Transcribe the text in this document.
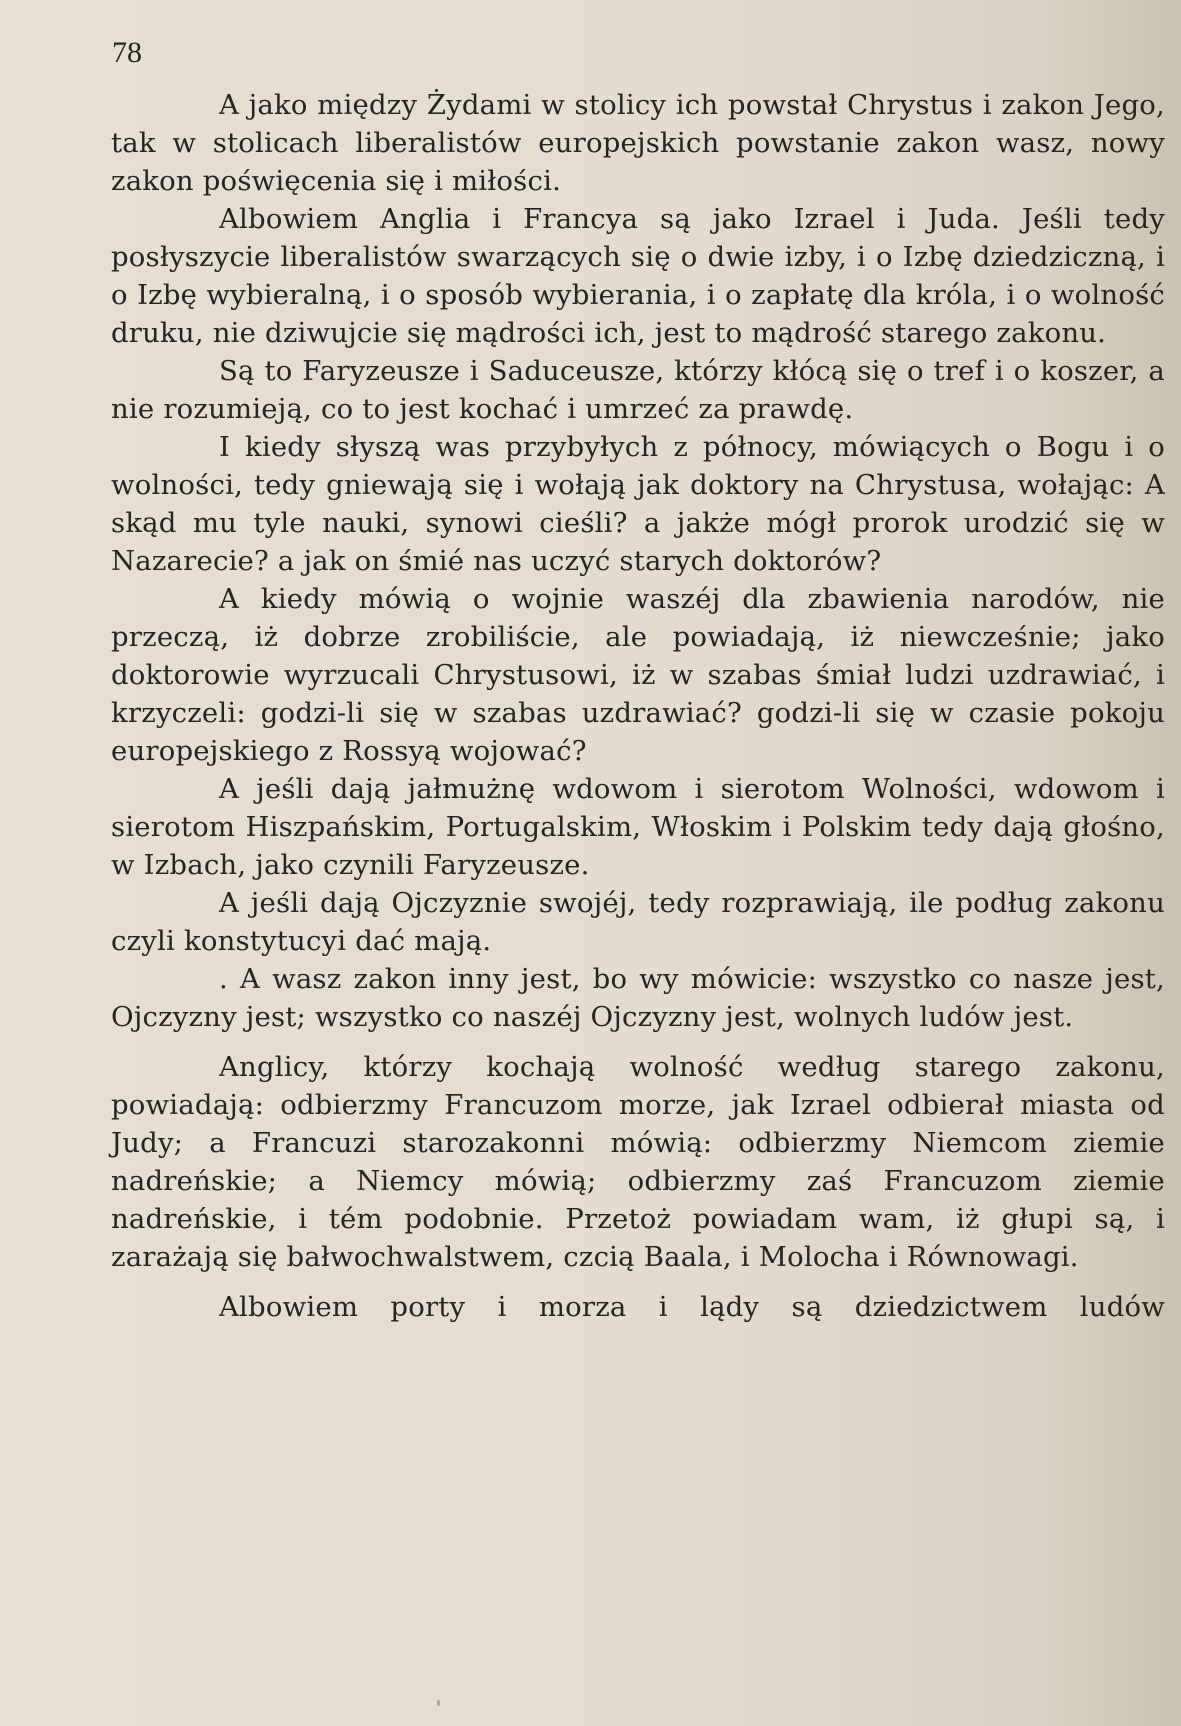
78

A jako między Żydami w stolicy ich powstał Chrystus i zakon Jego, tak w stolicach liberalistów europejskich powstanie zakon wasz, nowy zakon poświęcenia się i miłości.

Albowiem Anglia i Francya są jako Izrael i Juda. Jeśli tedy posłyszycie liberalistów swarzących się o dwie izby, i o Izbę dziedziczną, i o Izbę wybieralną, i o sposób wybierania, i o zapłatę dla króla, i o wolność druku, nie dziwujcie się mądrości ich, jest to mądrość starego zakonu.

Są to Faryzeusze i Saduceusze, którzy kłócą się o tref i o koszer, a nie rozumieją, co to jest kochać i umrzeć za prawdę.

I kiedy słyszą was przybyłych z północy, mówiących o Bogu i o wolności, tedy gniewają się i wołają jak doktory na Chrystusa, wołając: A skąd mu tyle nauki, synowi cieśli? a jakże mógł prorok urodzić się w Nazarecie? a jak on śmié nas uczyć starych doktorów?

A kiedy mówią o wojnie waszéj dla zbawienia narodów, nie przeczą, iż dobrze zrobiliście, ale powiadają, iż niewcześnie; jako doktorowie wyrzucali Chrystusowi, iż w szabas śmiał ludzi uzdrawiać, i krzyczeli: godzi-li się w szabas uzdrawiać? godzi-li się w czasie pokoju europejskiego z Rossyą wojować?

A jeśli dają jałmużnę wdowom i sierotom Wolności, wdowom i sierotom Hiszpańskim, Portugalskim, Włoskim i Polskim tedy dają głośno, w Izbach, jako czynili Faryzeusze.

A jeśli dają Ojczyznie swojéj, tedy rozprawiają, ile podług zakonu czyli konstytucyi dać mają.

. A wasz zakon inny jest, bo wy mówicie: wszystko co nasze jest, Ojczyzny jest; wszystko co naszéj Ojczyzny jest, wolnych ludów jest.

Anglicy, którzy kochają wolność według starego zakonu, powiadają: odbierzmy Francuzom morze, jak Izrael odbierał miasta od Judy; a Francuzi starozakonni mówią: odbierzmy Niemcom ziemie nadreńskie; a Niemcy mówią; odbierzmy zaś Francuzom ziemie nadreńskie, i tém podobnie. Przetoż powiadam wam, iż głupi są, i zarażają się bałwochwalstwem, czcią Baala, i Molocha i Równowagi.

Albowiem porty i morza i lądy są dziedzictwem ludów
